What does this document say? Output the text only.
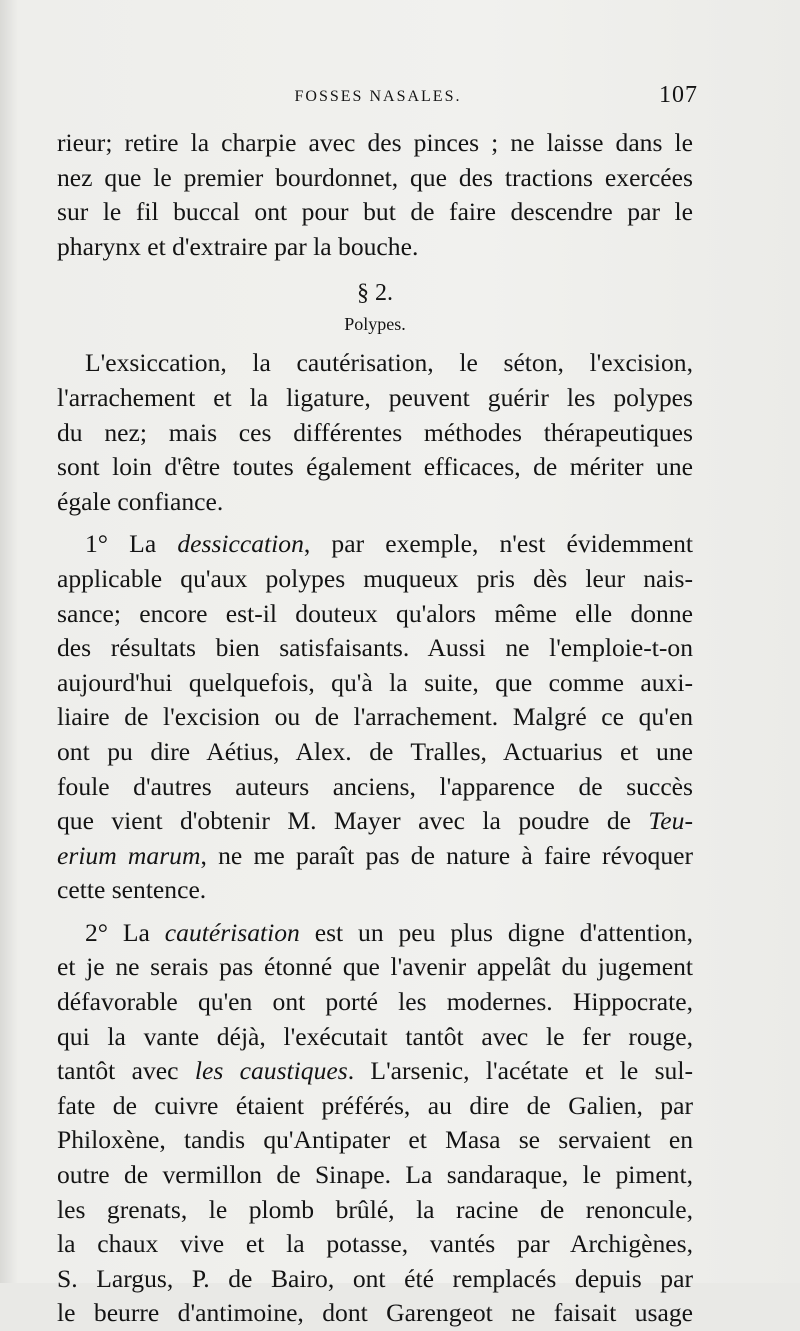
FOSSES NASALES.	107
rieur; retire la charpie avec des pinces ; ne laisse dans le
nez que le premier bourdonnet, que des tractions exercées
sur le fil buccal ont pour but de faire descendre par le
pharynx et d'extraire par la bouche.
§ 2.
Polypes.
L'exsiccation, la cautérisation, le séton, l'excision,
l'arrachement et la ligature, peuvent guérir les polypes
du nez; mais ces différentes méthodes thérapeutiques
sont loin d'être toutes également efficaces, de mériter une
égale confiance.
1° La dessiccation, par exemple, n'est évidemment
applicable qu'aux polypes muqueux pris dès leur nais-
sance; encore est-il douteux qu'alors même elle donne
des résultats bien satisfaisants. Aussi ne l'emploie-t-on
aujourd'hui quelquefois, qu'à la suite, que comme auxi-
liaire de l'excision ou de l'arrachement. Malgré ce qu'en
ont pu dire Aétius, Alex. de Tralles, Actuarius et une
foule d'autres auteurs anciens, l'apparence de succès
que vient d'obtenir M. Mayer avec la poudre de Teu-
erium marum, ne me paraît pas de nature à faire révoquer
cette sentence.
2° La cautérisation est un peu plus digne d'attention,
et je ne serais pas étonné que l'avenir appelât du jugement
défavorable qu'en ont porté les modernes. Hippocrate,
qui la vante déjà, l'exécutait tantôt avec le fer rouge,
tantôt avec les caustiques. L'arsenic, l'acétate et le sul-
fate de cuivre étaient préférés, au dire de Galien, par
Philoxène, tandis qu'Antipater et Masa se servaient en
outre de vermillon de Sinape. La sandaraque, le piment,
les grenats, le plomb brûlé, la racine de renoncule,
la chaux vive et la potasse, vantés par Archigènes,
S. Largus, P. de Bairo, ont été remplacés depuis par
le beurre d'antimoine, dont Garengeot ne faisait usage
